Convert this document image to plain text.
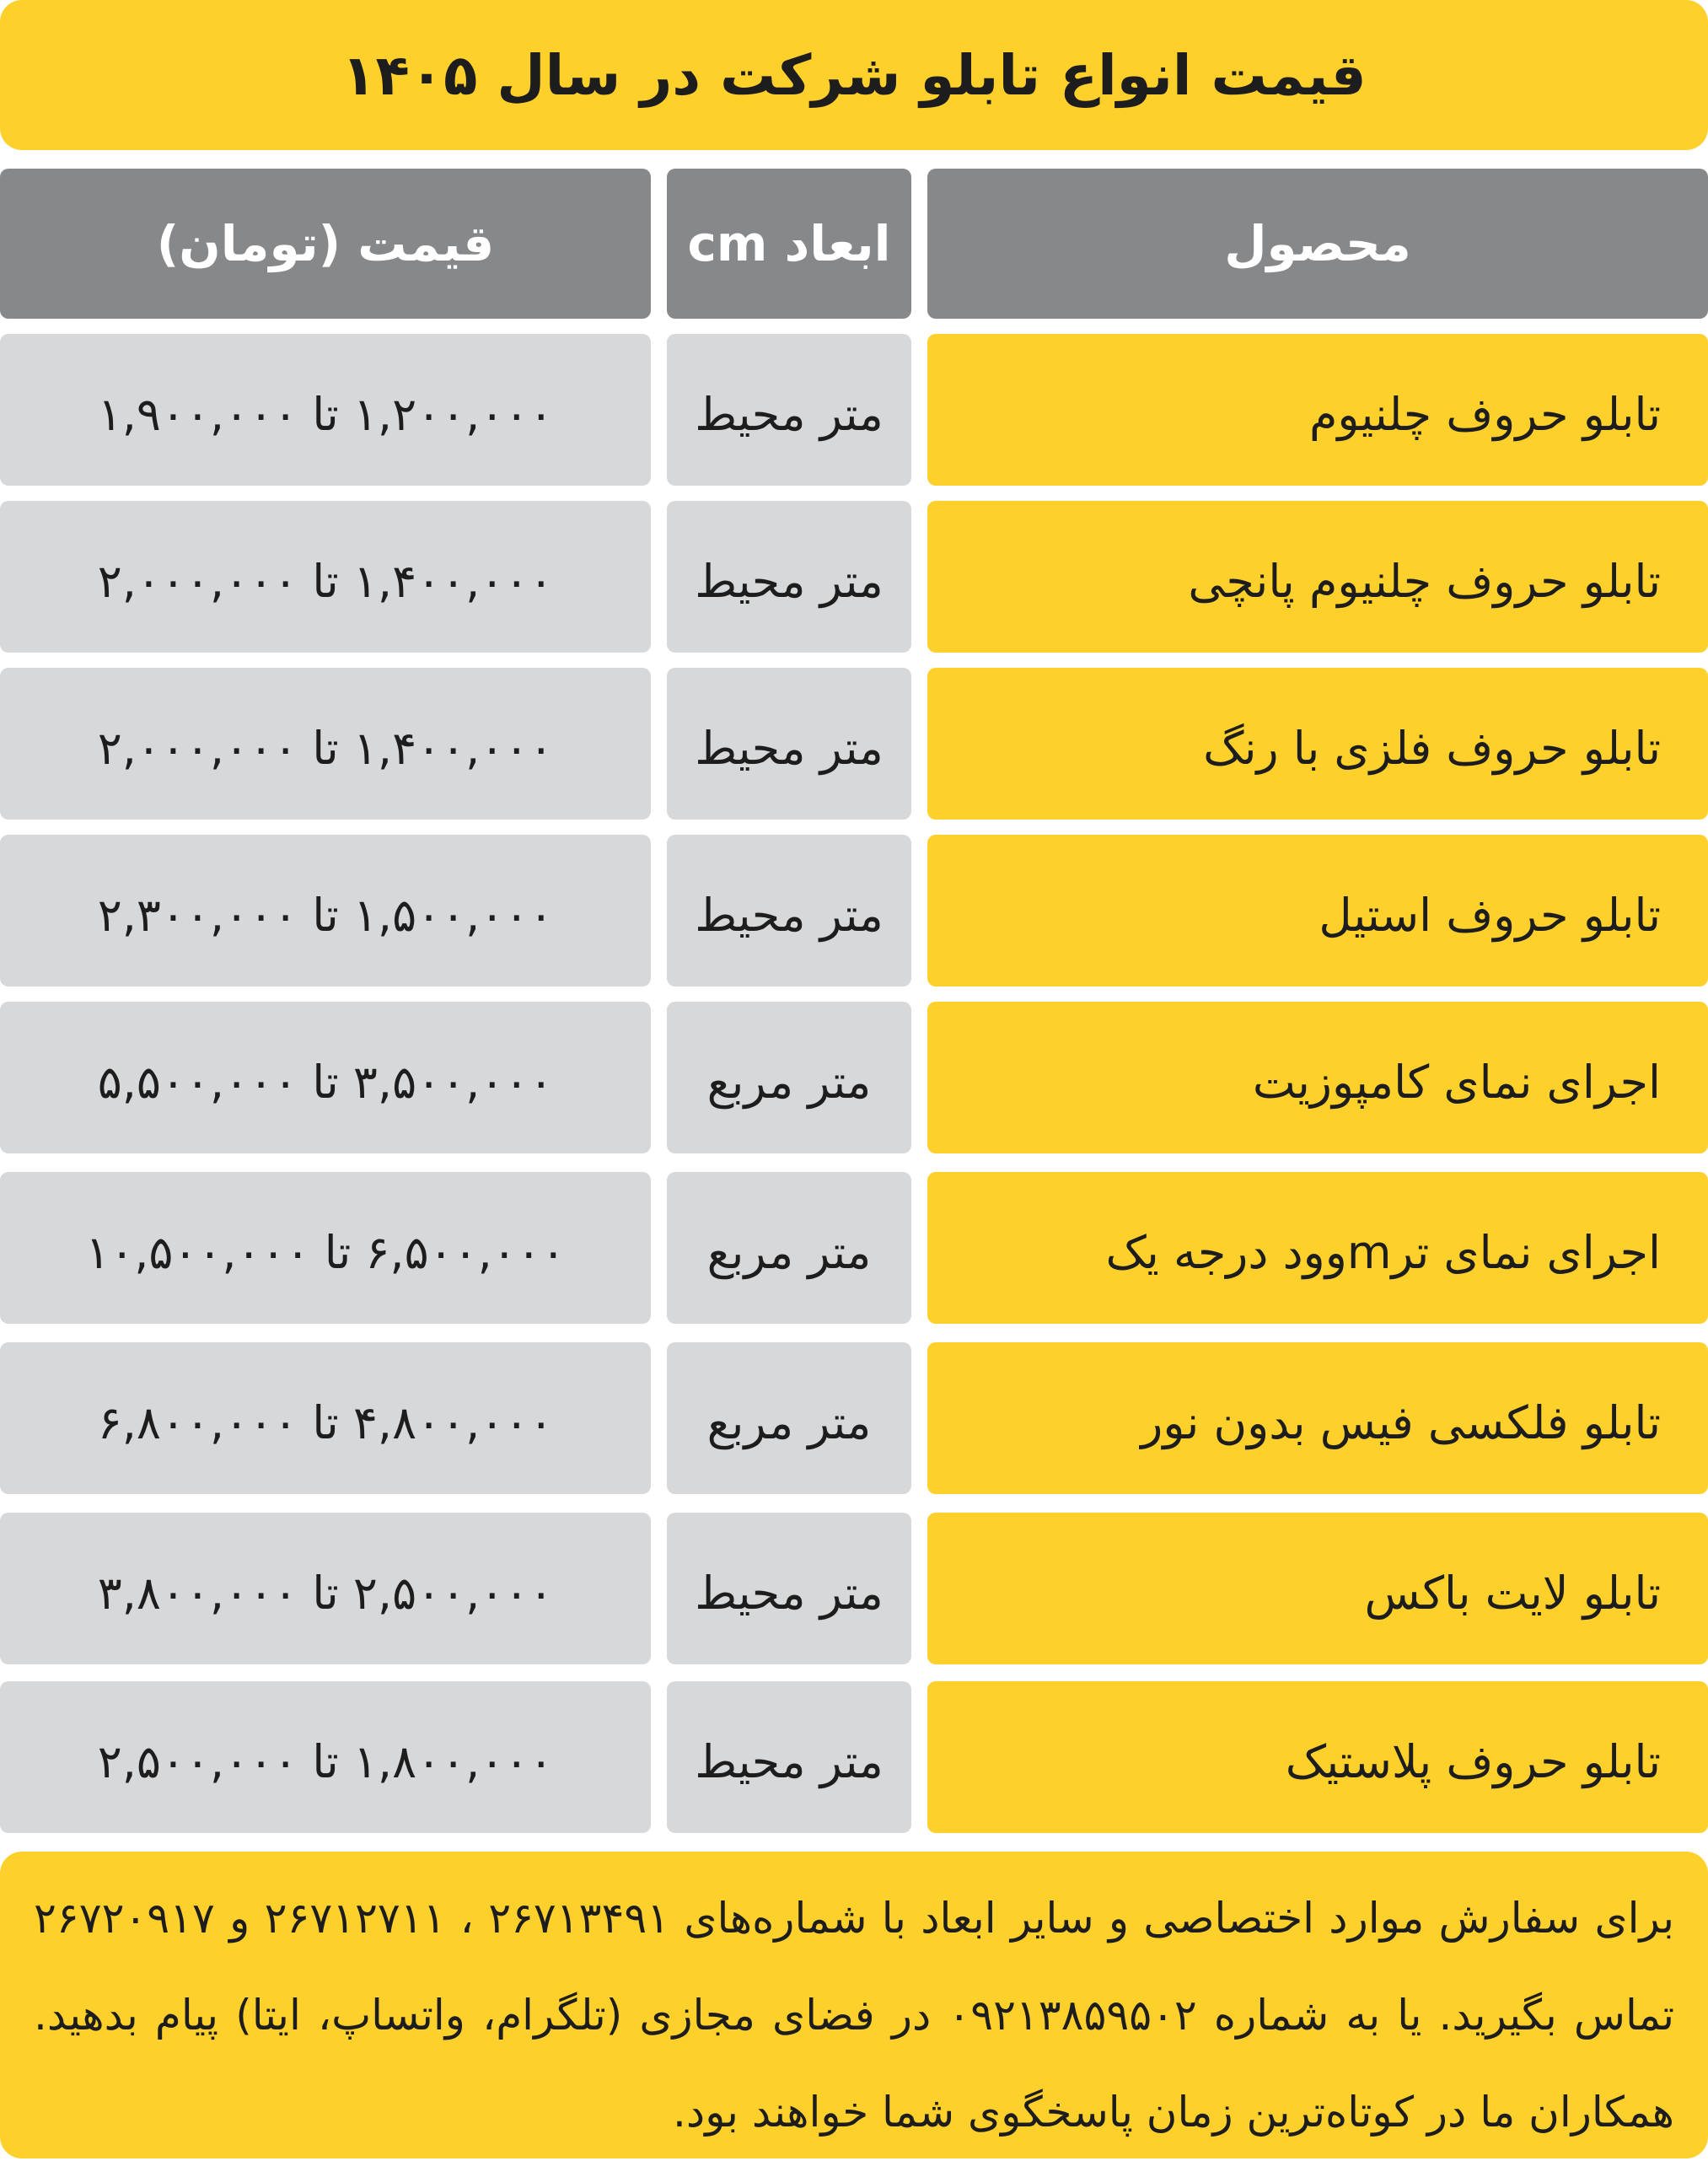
قیمت انواع تابلو شرکت در سال ۱۴۰۵
محصول
ابعاد cm
قیمت (تومان)
تابلو حروف چلنیوم
متر محیط
۱,۲۰۰,۰۰۰ تا ۱,۹۰۰,۰۰۰
تابلو حروف چلنیوم پانچی
متر محیط
۱,۴۰۰,۰۰۰ تا ۲,۰۰۰,۰۰۰
تابلو حروف فلزی با رنگ
متر محیط
۱,۴۰۰,۰۰۰ تا ۲,۰۰۰,۰۰۰
تابلو حروف استیل
متر محیط
۱,۵۰۰,۰۰۰ تا ۲,۳۰۰,۰۰۰
اجرای نمای کامپوزیت
متر مربع
۳,۵۰۰,۰۰۰ تا ۵,۵۰۰,۰۰۰
اجرای نمای ترmوود درجه یک
متر مربع
۶,۵۰۰,۰۰۰ تا ۱۰,۵۰۰,۰۰۰
تابلو فلکسی فیس بدون نور
متر مربع
۴,۸۰۰,۰۰۰ تا ۶,۸۰۰,۰۰۰
تابلو لایت باکس
متر محیط
۲,۵۰۰,۰۰۰ تا ۳,۸۰۰,۰۰۰
تابلو حروف پلاستیک
متر محیط
۱,۸۰۰,۰۰۰ تا ۲,۵۰۰,۰۰۰
برای سفارش موارد اختصاصی و سایر ابعاد با شماره‌های ۲۶۷۱۳۴۹۱ ، ۲۶۷۱۲۷۱۱ و ۲۶۷۲۰۹۱۷ تماس بگیرید. یا به شماره ۰۹۲۱۳۸۵۹۵۰۲ در فضای مجازی (تلگرام، واتساپ، ایتا) پیام بدهید. همکاران ما در کوتاه‌ترین زمان پاسخگوی شما خواهند بود.
